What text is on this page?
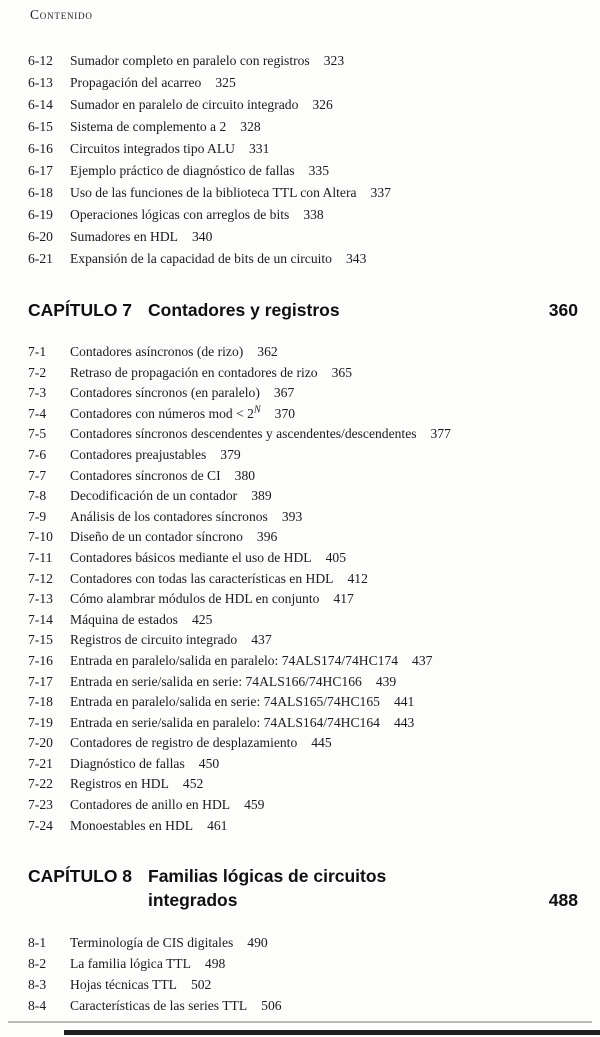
Contenido
6-12	Sumador completo en paralelo con registros 323
6-13	Propagación del acarreo 325
6-14	Sumador en paralelo de circuito integrado 326
6-15	Sistema de complemento a 2 328
6-16	Circuitos integrados tipo ALU 331
6-17	Ejemplo práctico de diagnóstico de fallas 335
6-18	Uso de las funciones de la biblioteca TTL con Altera 337
6-19	Operaciones lógicas con arreglos de bits 338
6-20	Sumadores en HDL 340
6-21	Expansión de la capacidad de bits de un circuito 343
CAPÍTULO 7 Contadores y registros	360
7-1	Contadores asíncronos (de rizo) 362
7-2	Retraso de propagación en contadores de rizo 365
7-3	Contadores síncronos (en paralelo) 367
7-4	Contadores con números mod < $2^N$ 370
7-5	Contadores síncronos descendentes y ascendentes/descendentes 377
7-6	Contadores preajustables 379
7-7	Contadores síncronos de CI 380
7-8	Decodificación de un contador 389
7-9	Análisis de los contadores síncronos 393
7-10	Diseño de un contador síncrono 396
7-11	Contadores básicos mediante el uso de HDL 405
7-12	Contadores con todas las características en HDL 412
7-13	Cómo alambrar módulos de HDL en conjunto 417
7-14	Máquina de estados 425
7-15	Registros de circuito integrado 437
7-16	Entrada en paralelo/salida en paralelo: 74ALS174/74HC174 437
7-17	Entrada en serie/salida en serie: 74ALS166/74HC166 439
7-18	Entrada en paralelo/salida en serie: 74ALS165/74HC165 441
7-19	Entrada en serie/salida en paralelo: 74ALS164/74HC164 443
7-20	Contadores de registro de desplazamiento 445
7-21	Diagnóstico de fallas 450
7-22	Registros en HDL 452
7-23	Contadores de anillo en HDL 459
7-24	Monoestables en HDL 461
CAPÍTULO 8 Familias lógicas de circuitos
integrados	488
8-1	Terminología de CIS digitales 490
8-2	La familia lógica TTL 498
8-3	Hojas técnicas TTL 502
8-4	Características de las series TTL 506
